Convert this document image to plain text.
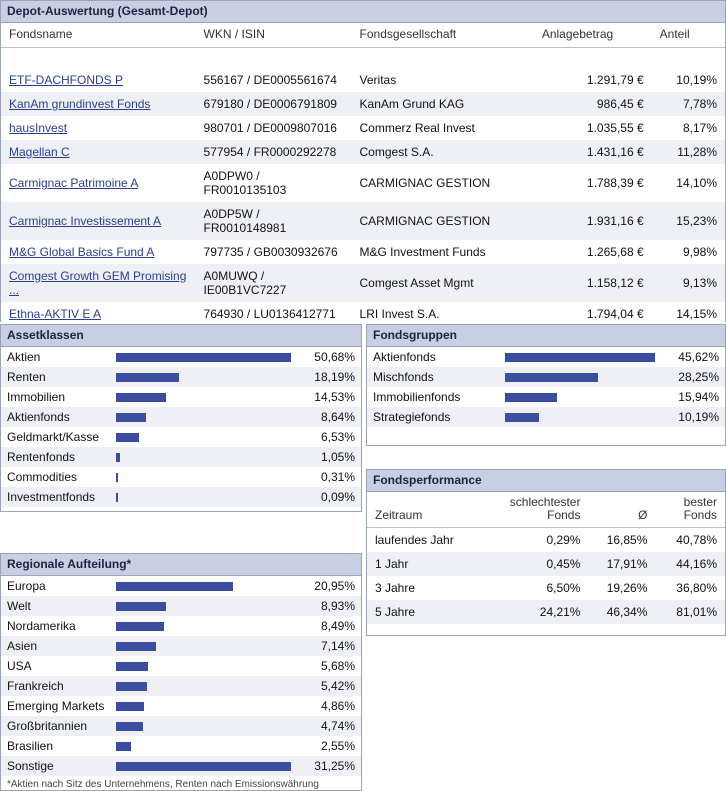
Depot-Auswertung (Gesamt-Depot)
Fondsname	WKN / ISIN	Fondsgesellschaft	Anlagebetrag	Anteil

ETF-DACHFONDS P	556167 / DE0005561674	Veritas	1.291,79 €	10,19%
KanAm grundinvest Fonds	679180 / DE0006791809	KanAm Grund KAG	986,45 €	7,78%
hausInvest	980701 / DE0009807016	Commerz Real Invest	1.035,55 €	8,17%
Magellan C	577954 / FR0000292278	Comgest S.A.	1.431,16 €	11,28%
Carmignac Patrimoine A	A0DPW0 / FR0010135103	CARMIGNAC GESTION	1.788,39 €	14,10%
Carmignac Investissement A	A0DP5W / FR0010148981	CARMIGNAC GESTION	1.931,16 €	15,23%
M&G Global Basics Fund A	797735 / GB0030932676	M&G Investment Funds	1.265,68 €	9,98%
Comgest Growth GEM Promising ...	A0MUWQ / IE00B1VC7227	Comgest Asset Mgmt	1.158,12 €	9,13%
Ethna-AKTIV E A	764930 / LU0136412771	LRI Invest S.A.	1.794,04 €	14,15%

Assetklassen
Aktien		50,68%
Renten		18,19%
Immobilien		14,53%
Aktienfonds		8,64%
Geldmarkt/Kasse		6,53%
Rentenfonds		1,05%
Commodities		0,31%
Investmentfonds		0,09%
Fondsgruppen
Aktienfonds		45,62%
Mischfonds		28,25%
Immobilienfonds		15,94%
Strategiefonds		10,19%
Fondsperformance
Zeitraum	schlechtester Fonds	Ø	bester Fonds
laufendes Jahr	0,29%	16,85%	40,78%
1 Jahr	0,45%	17,91%	44,16%
3 Jahre	6,50%	19,26%	36,80%
5 Jahre	24,21%	46,34%	81,01%
Regionale Aufteilung*
Europa		20,95%
Welt		8,93%
Nordamerika		8,49%
Asien		7,14%
USA		5,68%
Frankreich		5,42%
Emerging Markets		4,86%
Großbritannien		4,74%
Brasilien		2,55%
Sonstige		31,25%
*Aktien nach Sitz des Unternehmens, Renten nach Emissionswährung
